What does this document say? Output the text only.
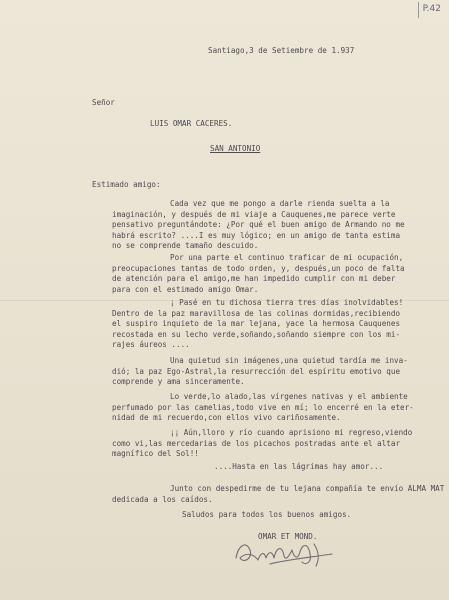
P.42
Santiago,3 de Setiembre de 1.937
Señor
LUIS OMAR CACERES.
SAN ANTONIO
Estimado amigo:
Cada vez que me pongo a darle rienda suelta a la
imaginación, y después de mi viaje a Cauquenes,me parece verte
pensativo preguntándote: ¿Por qué el buen amigo de Armando no me
habrá escrito? ....I es muy lógico; en un amigo de tanta estima
no se comprende tamaño descuido.
Por una parte el continuo traficar de mi ocupación,
preocupaciones tantas de todo orden, y, después,un poco de falta
de atención para el amigo,me han impedido cumplir con mi deber
para con el estimado amigo Omar.
¡ Pasé en tu dichosa tierra tres días inolvidables!
Dentro de la paz maravillosa de las colinas dormidas,recibiendo
el suspiro inquieto de la mar lejana, yace la hermosa Cauquenes
recostada en su lecho verde,soñando,soñando siempre con los mi-
rajes áureos ....
Una quietud sin imágenes,una quietud tardía me inva-
dió; la paz Ego-Astral,la resurrección del espíritu emotivo que
comprende y ama sinceramente.
Lo verde,lo alado,las vírgenes nativas y el ambiente
perfumado por las camelias,todo vive en mí; lo encerré en la eter-
nidad de mi recuerdo,con ellos vivo cariñosamente.
¡¡ Aún,lloro y río cuando aprisiono mi regreso,viendo
como vi,las mercedarias de los picachos postradas ante el altar
magnífico del Sol!!
....Hasta en las lágrimas hay amor...
Junto con despedirme de tu lejana compañía te envío ALMA MAT
dedicada a los caídos.
Saludos para todos los buenos amigos.
OMAR ET MOND.
